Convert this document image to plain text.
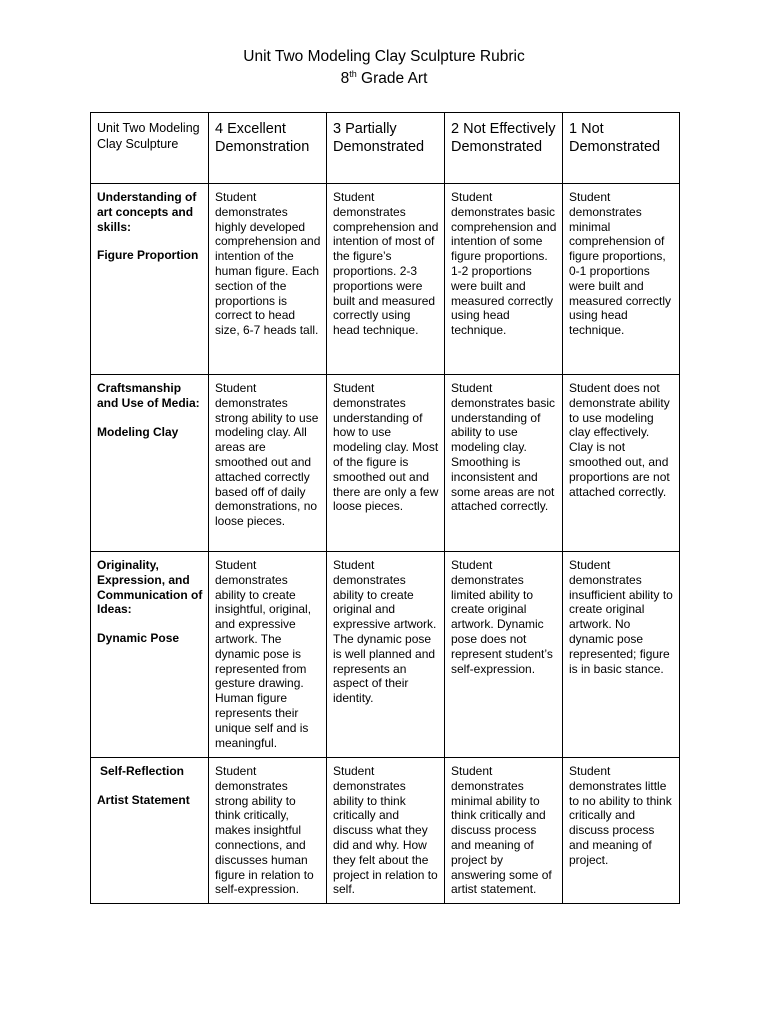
Unit Two Modeling Clay Sculpture Rubric
8th Grade Art
Unit Two Modeling Clay Sculpture	4 Excellent Demonstration	3 Partially Demonstrated	2 Not Effectively Demonstrated	1 Not Demonstrated
Understanding of art concepts and skills:
Figure Proportion	Student demonstrates highly developed comprehension and intention of the human figure. Each section of the proportions is correct to head size, 6-7 heads tall.	Student demonstrates comprehension and intention of most of the figure’s proportions. 2-3 proportions were built and measured correctly using head technique.	Student demonstrates basic comprehension and intention of some figure proportions. 1-2 proportions were built and measured correctly using head technique.	Student demonstrates minimal comprehension of figure proportions, 0-1 proportions were built and measured correctly using head technique.
Craftsmanship and Use of Media:
Modeling Clay	Student demonstrates strong ability to use modeling clay. All areas are smoothed out and attached correctly based off of daily demonstrations, no loose pieces.	Student demonstrates understanding of how to use modeling clay. Most of the figure is smoothed out and there are only a few loose pieces.	Student demonstrates basic understanding of ability to use modeling clay. Smoothing is inconsistent and some areas are not attached correctly.	Student does not demonstrate ability to use modeling clay effectively. Clay is not smoothed out, and proportions are not attached correctly.
Originality, Expression, and Communication of Ideas:
Dynamic Pose	Student demonstrates ability to create insightful, original, and expressive artwork. The dynamic pose is represented from gesture drawing. Human figure represents their unique self and is meaningful.	Student demonstrates ability to create original and expressive artwork. The dynamic pose is well planned and represents an aspect of their identity.	Student demonstrates limited ability to create original artwork. Dynamic pose does not represent student’s self-expression.	Student demonstrates insufficient ability to create original artwork. No dynamic pose represented; figure is in basic stance.
Self-Reflection
Artist Statement	Student demonstrates strong ability to think critically, makes insightful connections, and discusses human figure in relation to self-expression.	Student demonstrates ability to think critically and discuss what they did and why. How they felt about the project in relation to self.	Student demonstrates minimal ability to think critically and discuss process and meaning of project by answering some of artist statement.	Student demonstrates little to no ability to think critically and discuss process and meaning of project.
